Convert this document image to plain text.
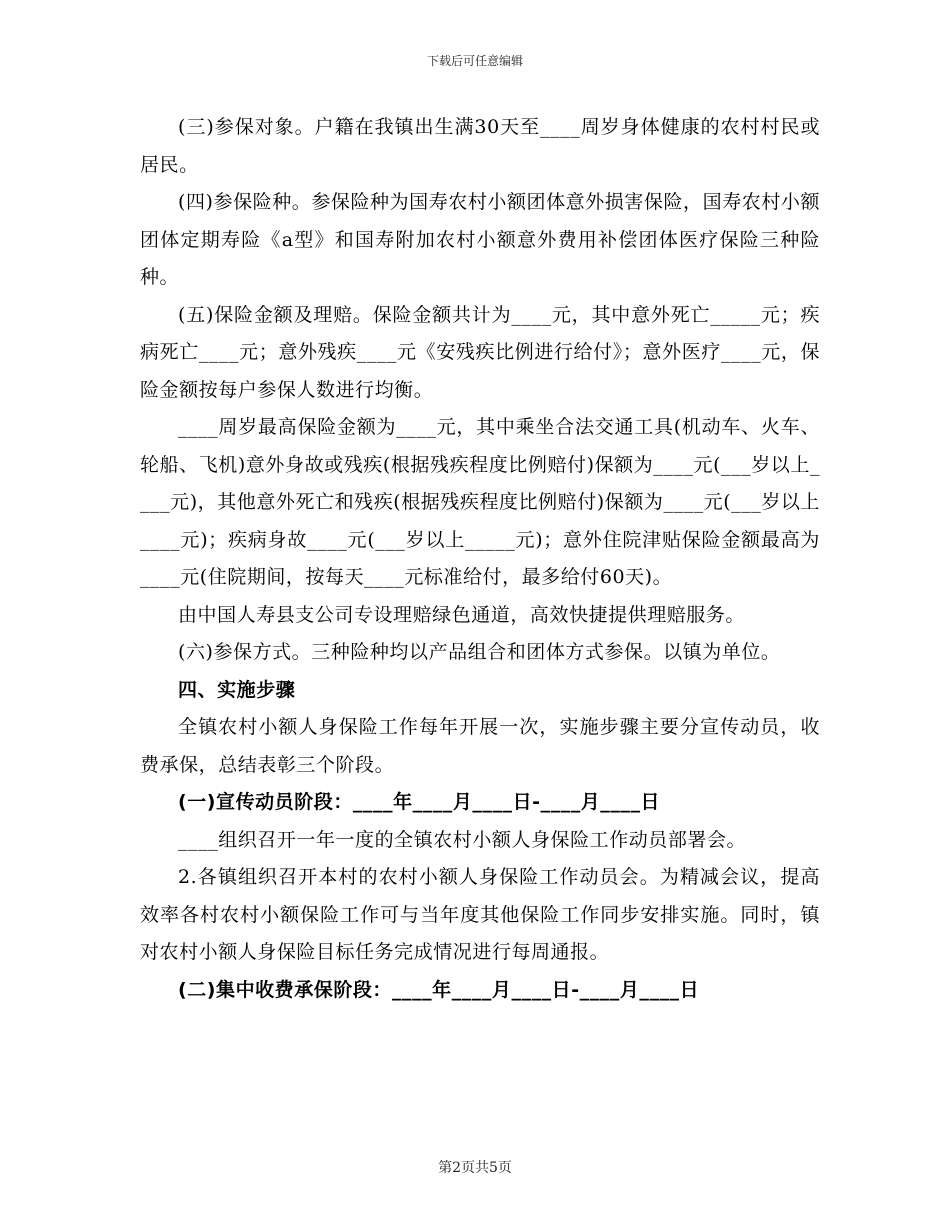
下载后可任意编辑

(三)参保对象。户籍在我镇出生满30天至____周岁身体健康的农村村民或居民。

(四)参保险种。参保险种为国寿农村小额团体意外损害保险，国寿农村小额团体定期寿险《a型》和国寿附加农村小额意外费用补偿团体医疗保险三种险种。

(五)保险金额及理赔。保险金额共计为____元，其中意外死亡_____元；疾病死亡____元；意外残疾____元《安残疾比例进行给付》；意外医疗____元，保险金额按每户参保人数进行均衡。

____周岁最高保险金额为____元，其中乘坐合法交通工具(机动车、火车、轮船、飞机)意外身故或残疾(根据残疾程度比例赔付)保额为____元(___岁以上____元)，其他意外死亡和残疾(根据残疾程度比例赔付)保额为____元(___岁以上____元)；疾病身故____元(___岁以上_____元)；意外住院津贴保险金额最高为____元(住院期间，按每天____元标准给付，最多给付60天)。

由中国人寿县支公司专设理赔绿色通道，高效快捷提供理赔服务。

(六)参保方式。三种险种均以产品组合和团体方式参保。以镇为单位。

四、实施步骤

全镇农村小额人身保险工作每年开展一次，实施步骤主要分宣传动员，收费承保，总结表彰三个阶段。

(一)宣传动员阶段：____年____月____日-____月____日

____组织召开一年一度的全镇农村小额人身保险工作动员部署会。

2.各镇组织召开本村的农村小额人身保险工作动员会。为精减会议，提高效率各村农村小额保险工作可与当年度其他保险工作同步安排实施。同时，镇对农村小额人身保险目标任务完成情况进行每周通报。

(二)集中收费承保阶段：____年____月____日-____月____日

第2页共5页
